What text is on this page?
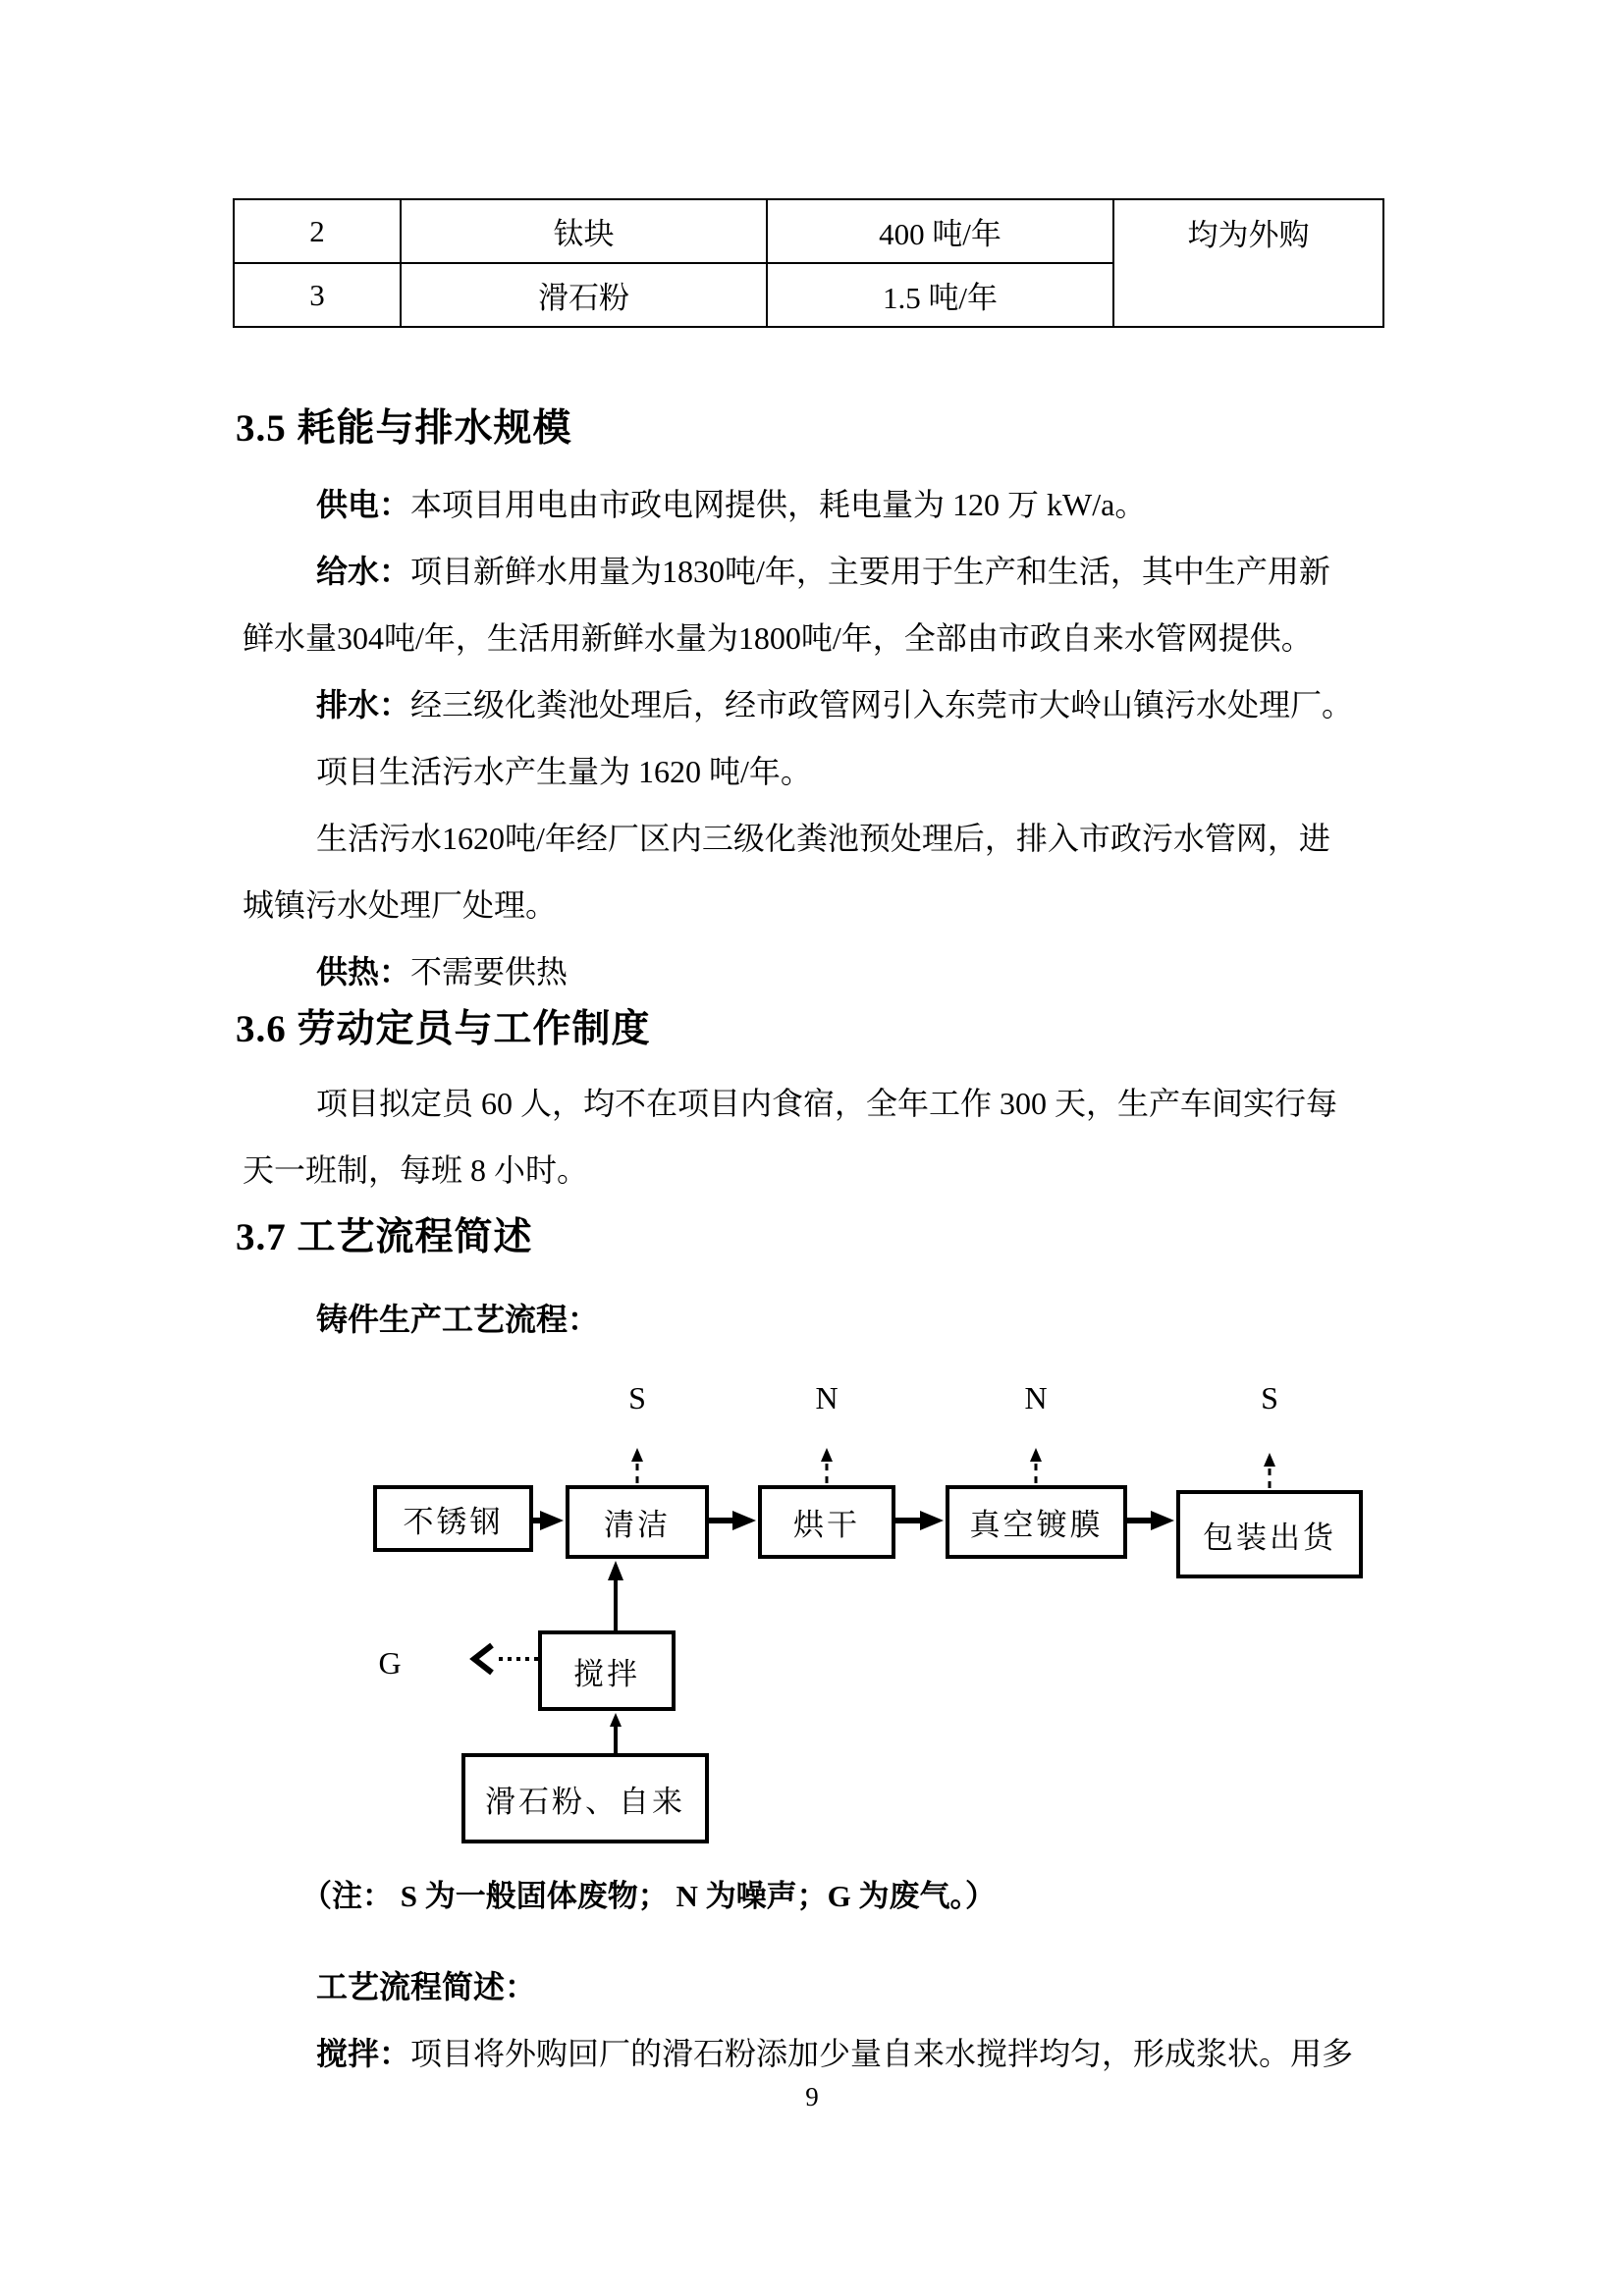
2	钛块	400 吨/年	均为外购
3	滑石粉	1.5 吨/年	
3.5 耗能与排水规模

供电：本项目用电由市政电网提供，耗电量为 120 万 kW/a。

给水：项目新鲜水用量为1830吨/年，主要用于生产和生活，其中生产用新

鲜水量304吨/年，生活用新鲜水量为1800吨/年，全部由市政自来水管网提供。

排水：经三级化粪池处理后，经市政管网引入东莞市大岭山镇污水处理厂。

项目生活污水产生量为 1620 吨/年。

生活污水1620吨/年经厂区内三级化粪池预处理后，排入市政污水管网，进

城镇污水处理厂处理。

供热：不需要供热

3.6 劳动定员与工作制度

项目拟定员 60 人，均不在项目内食宿，全年工作 300 天，生产车间实行每

天一班制，每班 8 小时。

3.7 工艺流程简述

铸件生产工艺流程：

不锈钢	清洁	烘干	真空镀膜	包装出货
搅拌
滑石粉、自来
S	N	N	S
G

（注： S 为一般固体废物； N 为噪声；G 为废气。）

工艺流程简述：

搅拌：项目将外购回厂的滑石粉添加少量自来水搅拌均匀，形成浆状。用多

9
